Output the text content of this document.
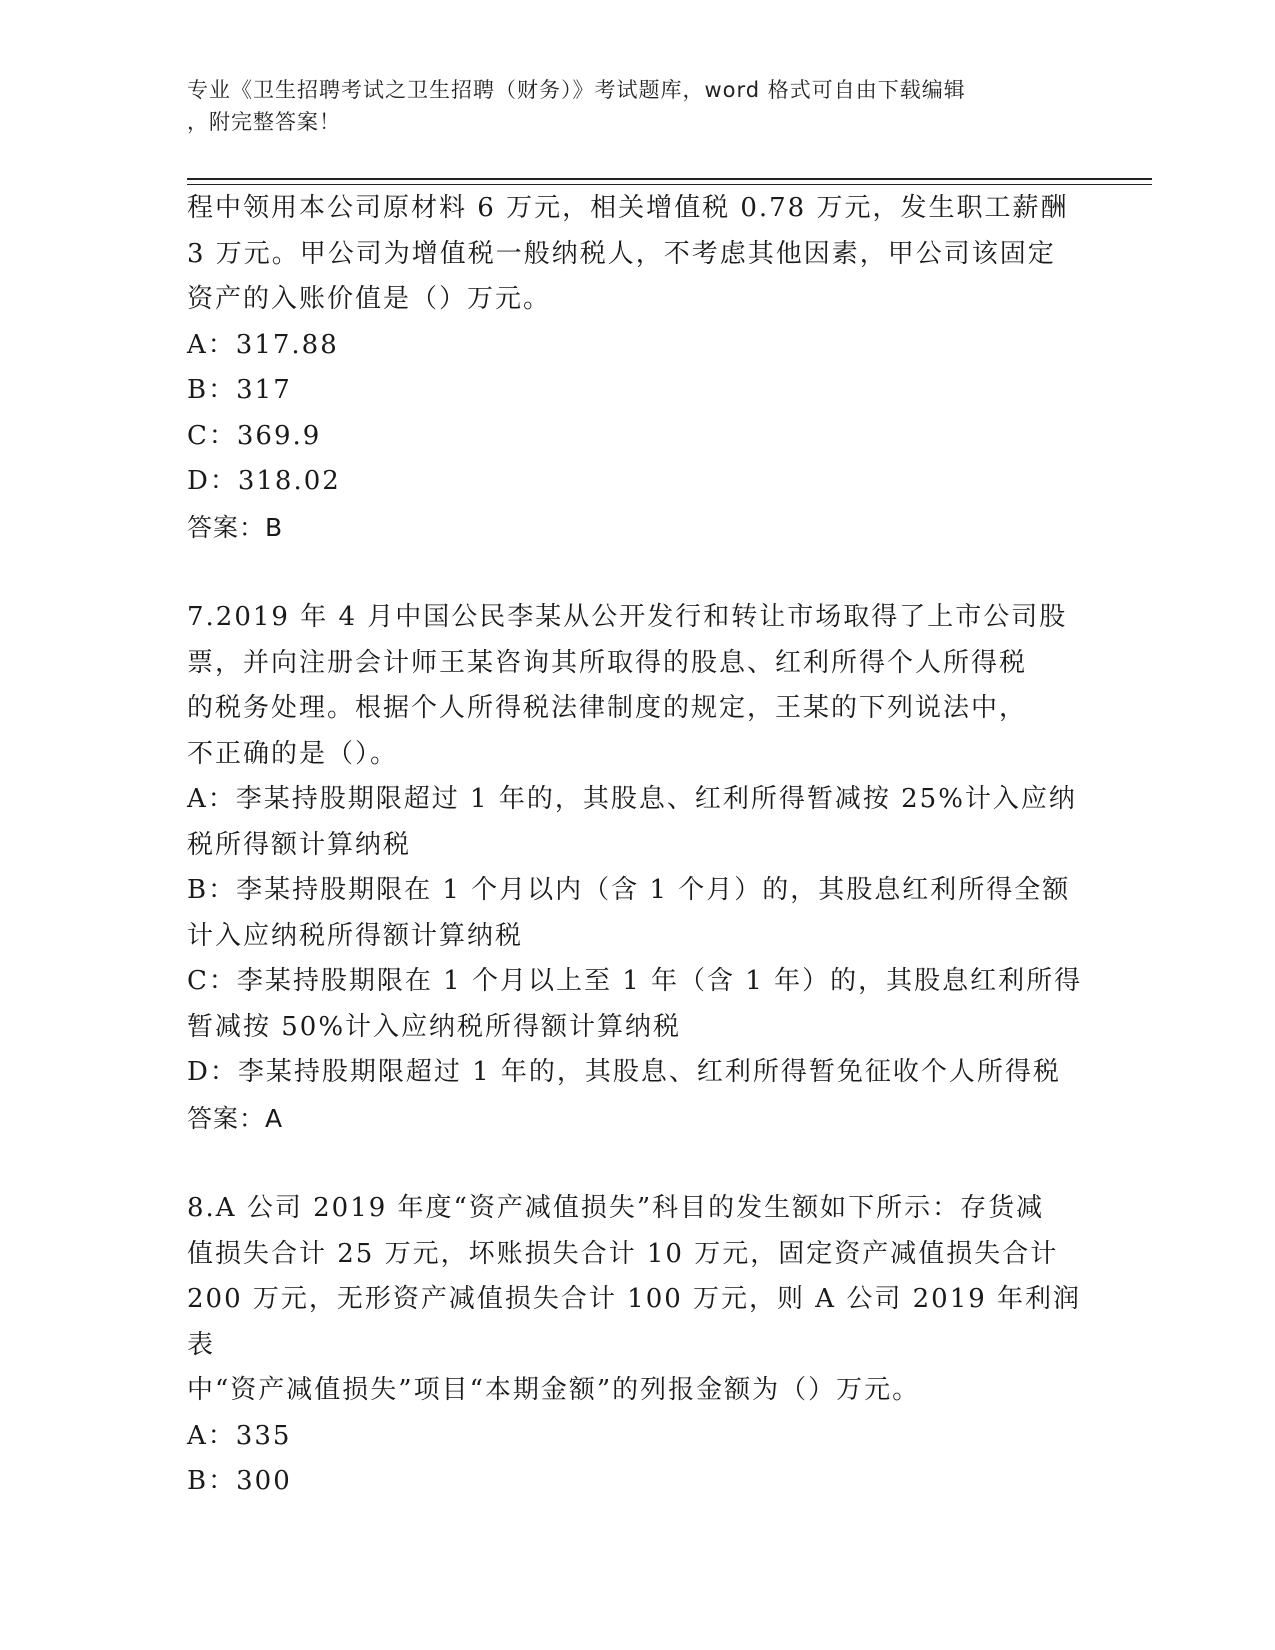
专业《卫生招聘考试之卫生招聘（财务）》考试题库，word 格式可自由下载编辑
，附完整答案！

程中领用本公司原材料 6 万元，相关增值税 0.78 万元，发生职工薪酬

3 万元。甲公司为增值税一般纳税人，不考虑其他因素，甲公司该固定

资产的入账价值是（）万元。

A：317.88

B：317

C：369.9

D：318.02

答案：B

7.2019 年 4 月中国公民李某从公开发行和转让市场取得了上市公司股

票，并向注册会计师王某咨询其所取得的股息、红利所得个人所得税

的税务处理。根据个人所得税法律制度的规定，王某的下列说法中，

不正确的是（）。

A：李某持股期限超过 1 年的，其股息、红利所得暂减按 25%计入应纳

税所得额计算纳税

B：李某持股期限在 1 个月以内（含 1 个月）的，其股息红利所得全额

计入应纳税所得额计算纳税

C：李某持股期限在 1 个月以上至 1 年（含 1 年）的，其股息红利所得

暂减按 50%计入应纳税所得额计算纳税

D：李某持股期限超过 1 年的，其股息、红利所得暂免征收个人所得税

答案：A

8.A 公司 2019 年度“资产减值损失”科目的发生额如下所示：存货减

值损失合计 25 万元，坏账损失合计 10 万元，固定资产减值损失合计

200 万元，无形资产减值损失合计 100 万元，则 A 公司 2019 年利润表

中“资产减值损失”项目“本期金额”的列报金额为（）万元。

A：335

B：300
